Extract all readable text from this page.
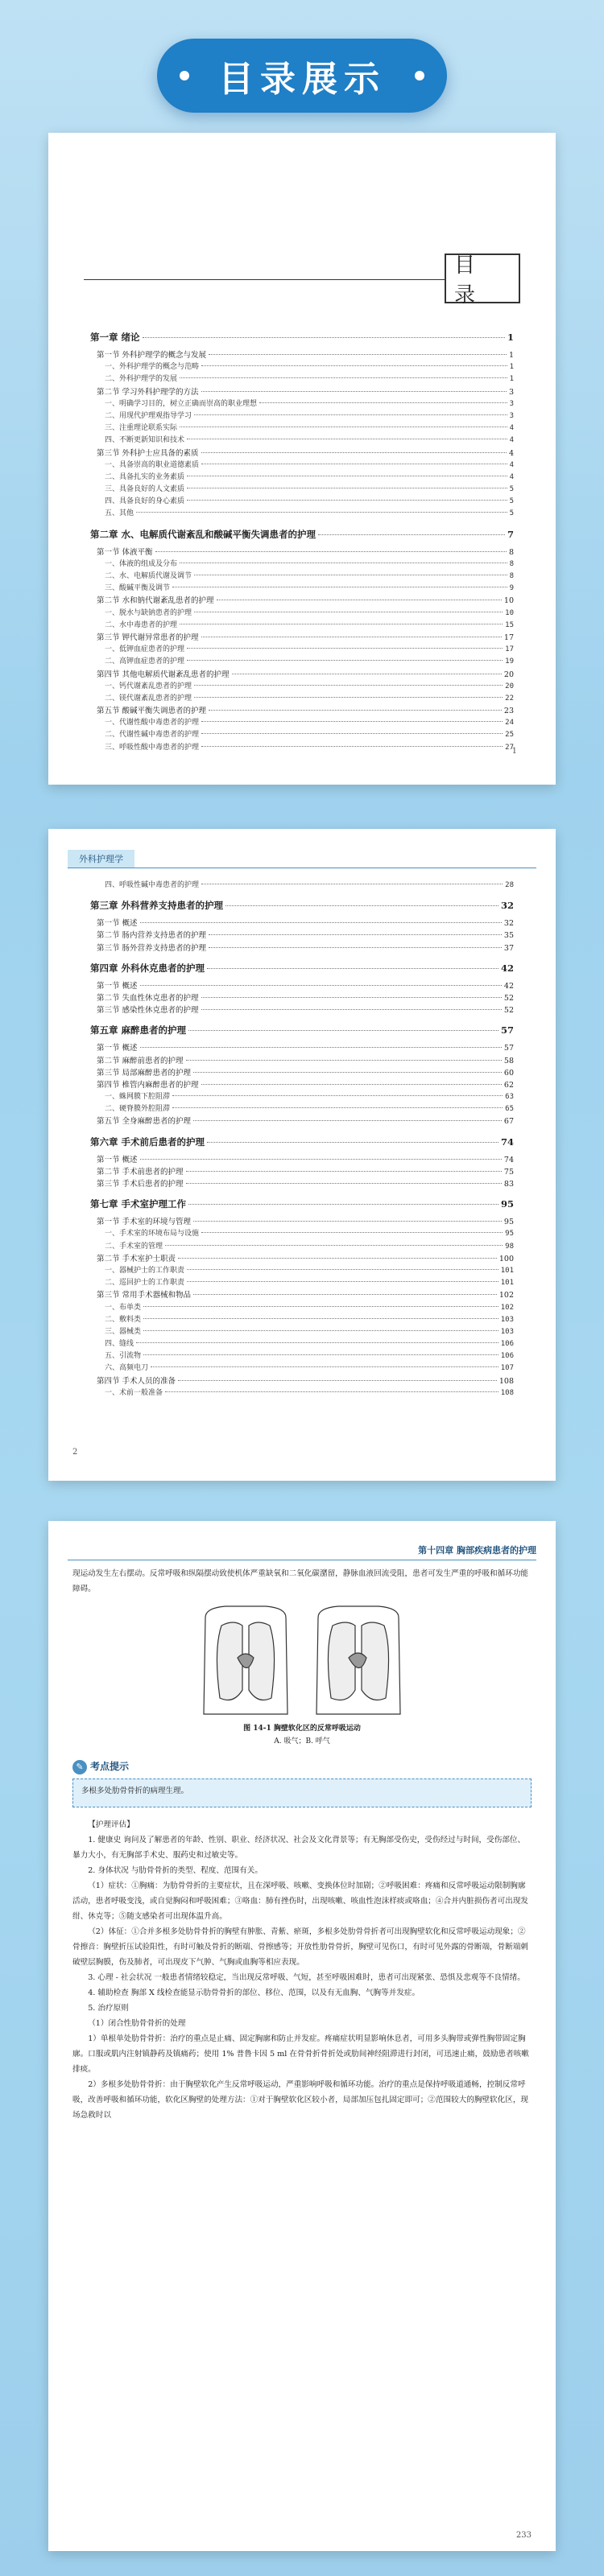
目录展示
目 录
第一章 绪论	1
第一节 外科护理学的概念与发展	1
一、外科护理学的概念与范畴	1
二、外科护理学的发展	1
第二节 学习外科护理学的方法	3
一、明确学习目的，树立正确而崇高的职业理想	3
二、用现代护理观指导学习	3
三、注重理论联系实际	4
四、不断更新知识和技术	4
第三节 外科护士应具备的素质	4
一、具备崇高的职业道德素质	4
二、具备扎实的业务素质	4
三、具备良好的人文素质	5
四、具备良好的身心素质	5
五、其他	5
第二章 水、电解质代谢紊乱和酸碱平衡失调患者的护理	7
第一节 体液平衡	8
一、体液的组成及分布	8
二、水、电解质代谢及调节	8
三、酸碱平衡及调节	9
第二节 水和钠代谢紊乱患者的护理	10
一、脱水与缺钠患者的护理	10
二、水中毒患者的护理	15
第三节 钾代谢异常患者的护理	17
一、低钾血症患者的护理	17
二、高钾血症患者的护理	19
第四节 其他电解质代谢紊乱患者的护理	20
一、钙代谢紊乱患者的护理	20
二、镁代谢紊乱患者的护理	22
第五节 酸碱平衡失调患者的护理	23
一、代谢性酸中毒患者的护理	24
二、代谢性碱中毒患者的护理	25
三、呼吸性酸中毒患者的护理	27
1
外科护理学
四、呼吸性碱中毒患者的护理	28
第三章 外科营养支持患者的护理	32
第一节 概述	32
第二节 肠内营养支持患者的护理	35
第三节 肠外营养支持患者的护理	37
第四章 外科休克患者的护理	42
第一节 概述	42
第二节 失血性休克患者的护理	52
第三节 感染性休克患者的护理	52
第五章 麻醉患者的护理	57
第一节 概述	57
第二节 麻醉前患者的护理	58
第三节 局部麻醉患者的护理	60
第四节 椎管内麻醉患者的护理	62
一、蛛网膜下腔阻滞	63
二、硬脊膜外腔阻滞	65
第五节 全身麻醉患者的护理	67
第六章 手术前后患者的护理	74
第一节 概述	74
第二节 手术前患者的护理	75
第三节 手术后患者的护理	83
第七章 手术室护理工作	95
第一节 手术室的环境与管理	95
一、手术室的环境布局与设施	95
二、手术室的管理	98
第二节 手术室护士职责	100
一、器械护士的工作职责	101
二、巡回护士的工作职责	101
第三节 常用手术器械和物品	102
一、布单类	102
二、敷料类	103
三、器械类	103
四、缝线	106
五、引流物	106
六、高频电刀	107
第四节 手术人员的准备	108
一、术前一般准备	108
2
第十四章 胸部疾病患者的护理
现运动发生左右摆动。反常呼吸和纵隔摆动致使机体严重缺氧和二氧化碳潴留，静脉血液回流受阻，患者可发生严重的呼吸和循环功能障碍。
图 14-1 胸壁软化区的反常呼吸运动
A. 吸气；B. 呼气
✎ 考点提示
多根多处肋骨骨折的病理生理。
【护理评估】
1. 健康史 询问及了解患者的年龄、性别、职业、经济状况、社会及文化背景等；有无胸部受伤史，受伤经过与时间，受伤部位、暴力大小，有无胸部手术史、服药史和过敏史等。
2. 身体状况 与肋骨骨折的类型、程度、范围有关。
（1）症状：①胸痛：为肋骨骨折的主要症状，且在深呼吸、咳嗽、变换体位时加剧；②呼吸困难：疼痛和反常呼吸运动限制胸廓活动，患者呼吸变浅，或自觉胸闷和呼吸困难；③咯血：肺有挫伤时，出现咳嗽、咳血性泡沫样痰或咯血；④合并内脏损伤者可出现发绀、休克等；⑤随支感染者可出现体温升高。
（2）体征：①合并多根多处肋骨骨折的胸壁有肿胀、青紫、瘀斑，多根多处肋骨骨折者可出现胸壁软化和反常呼吸运动现象；②骨擦音：胸壁折压试验阳性，有时可触及骨折的断端、骨擦感等；开放性肋骨骨折，胸壁可见伤口，有时可见外露的骨断端，骨断端刺破壁层胸膜，伤及肺者，可出现皮下气肿、气胸或血胸等相应表现。
3. 心理 - 社会状况 一般患者情绪较稳定，当出现反常呼吸、气短，甚至呼吸困难时，患者可出现紧张、恐惧及悲观等不良情绪。
4. 辅助检查 胸部 X 线检查能显示肋骨骨折的部位、移位、范围，以及有无血胸、气胸等并发症。
5. 治疗原则
（1）闭合性肋骨骨折的处理
1）单根单处肋骨骨折：治疗的重点是止痛、固定胸廓和防止并发症。疼痛症状明显影响休息者，可用多头胸带或弹性胸带固定胸廓。口服或肌内注射镇静药及镇痛药；使用 1% 普鲁卡因 5 ml 在骨骨折骨折处或肋间神经阻滞进行封闭，可迅速止痛，鼓励患者咳嗽排痰。
2）多根多处肋骨骨折：由于胸壁软化产生反常呼吸运动，严重影响呼吸和循环功能。治疗的重点是保持呼吸道通畅，控制反常呼吸，改善呼吸和循环功能，软化区胸壁的处理方法：①对于胸壁软化区较小者，局部加压包扎固定即可；②范围较大的胸壁软化区，现场急救时以
233
